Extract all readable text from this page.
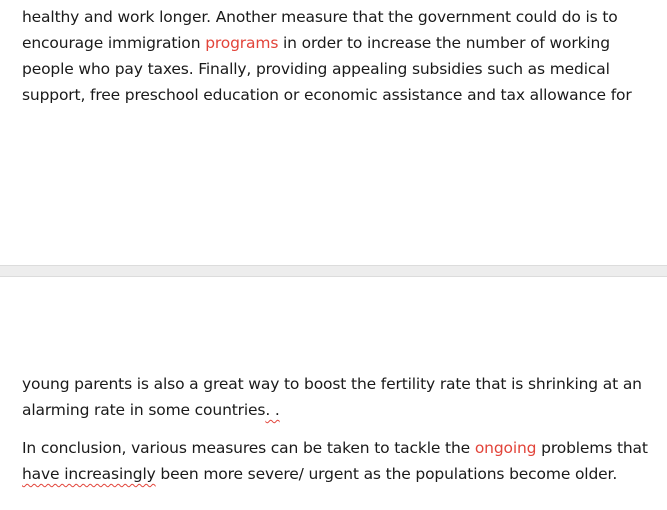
healthy and work longer. Another measure that the government could do is to
encourage immigration programs in order to increase the number of working
people who pay taxes. Finally, providing appealing subsidies such as medical
support, free preschool education or economic assistance and tax allowance for
young parents is also a great way to boost the fertility rate that is shrinking at an
alarming rate in some countries. .
In conclusion, various measures can be taken to tackle the ongoing problems that
have increasingly been more severe/ urgent as the populations become older.
